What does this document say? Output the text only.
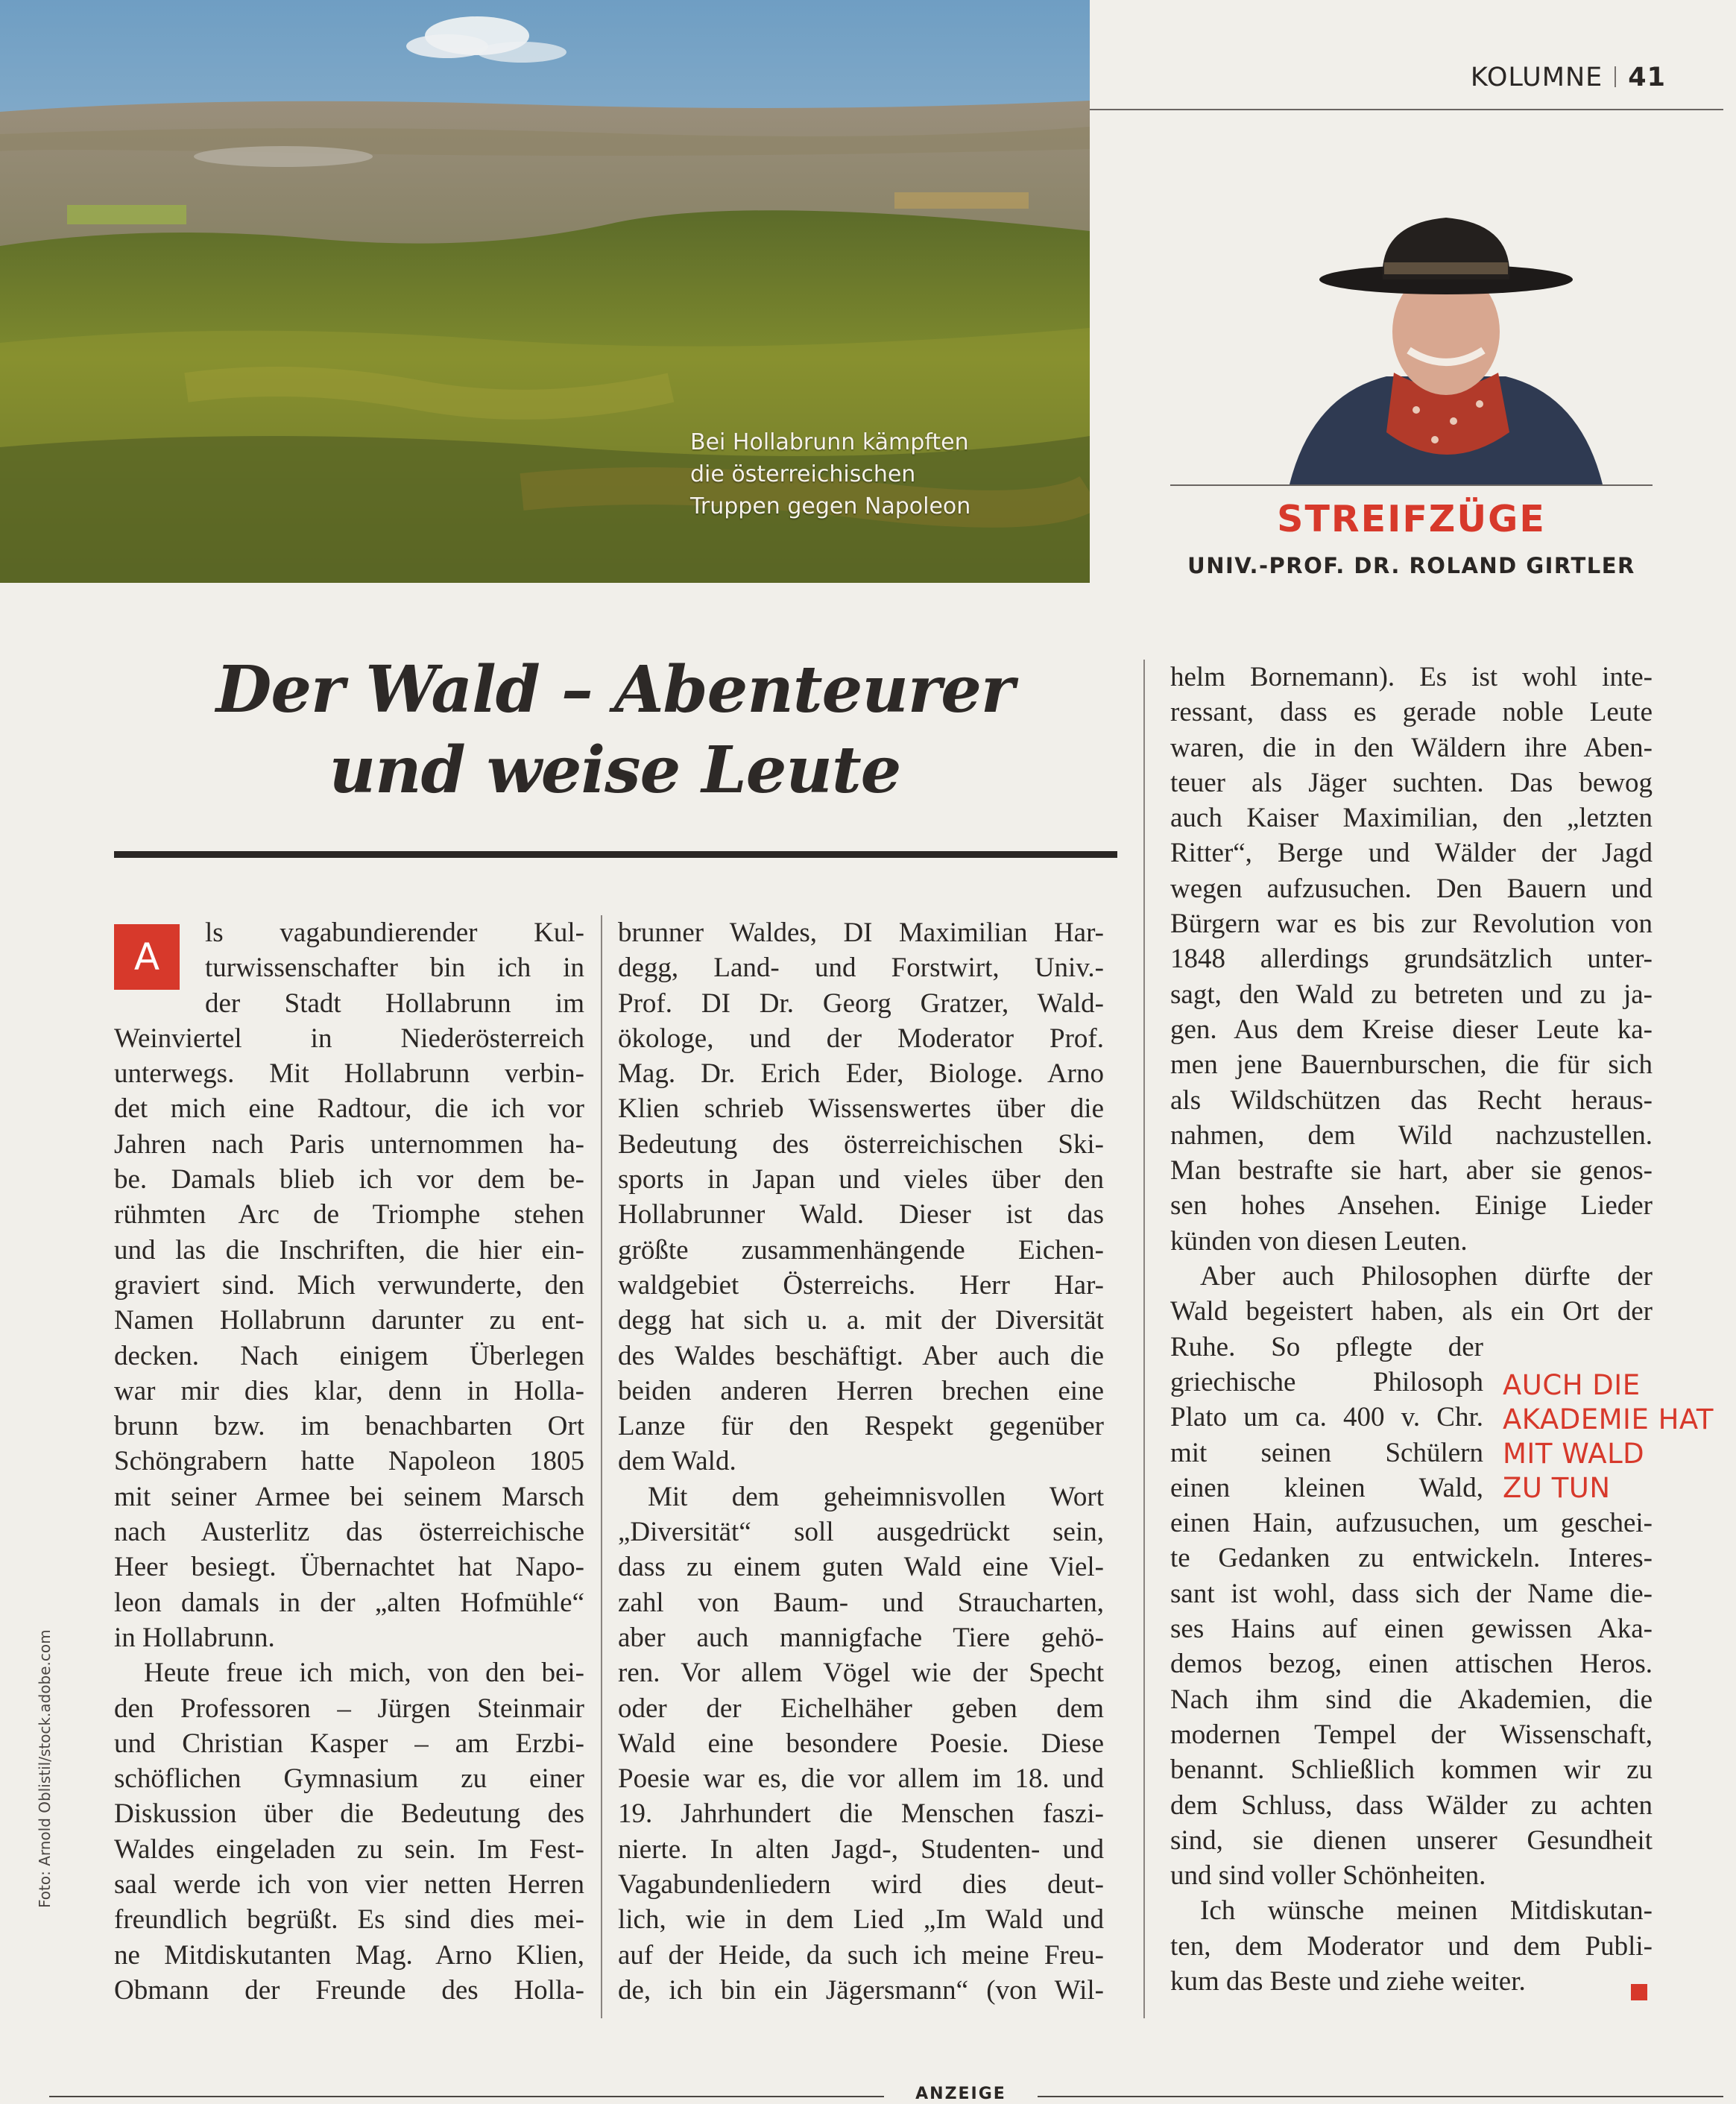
Bei Hollabrunn kämpften
die österreichischen
Truppen gegen Napoleon
KOLUMNE 41
STREIFZÜGE
UNIV.-PROF. DR. ROLAND GIRTLER
Der Wald – Abenteurer
und weise Leute
A
ls vagabundierender Kul-
turwissenschafter bin ich in
der Stadt Hollabrunn im
Weinviertel in Niederösterreich
unterwegs. Mit Hollabrunn verbin-
det mich eine Radtour, die ich vor
Jahren nach Paris unternommen ha-
be. Damals blieb ich vor dem be-
rühmten Arc de Triomphe stehen
und las die Inschriften, die hier ein-
graviert sind. Mich verwunderte, den
Namen Hollabrunn darunter zu ent-
decken. Nach einigem Überlegen
war mir dies klar, denn in Holla-
brunn bzw. im benachbarten Ort
Schöngrabern hatte Napoleon 1805
mit seiner Armee bei seinem Marsch
nach Austerlitz das österreichische
Heer besiegt. Übernachtet hat Napo-
leon damals in der „alten Hofmühle“
in Hollabrunn.
Heute freue ich mich, von den bei-
den Professoren – Jürgen Steinmair
und Christian Kasper – am Erzbi-
schöflichen Gymnasium zu einer
Diskussion über die Bedeutung des
Waldes eingeladen zu sein. Im Fest-
saal werde ich von vier netten Herren
freundlich begrüßt. Es sind dies mei-
ne Mitdiskutanten Mag. Arno Klien,
Obmann der Freunde des Holla-
brunner Waldes, DI Maximilian Har-
degg, Land- und Forstwirt, Univ.-
Prof. DI Dr. Georg Gratzer, Wald-
ökologe, und der Moderator Prof.
Mag. Dr. Erich Eder, Biologe. Arno
Klien schrieb Wissenswertes über die
Bedeutung des österreichischen Ski-
sports in Japan und vieles über den
Hollabrunner Wald. Dieser ist das
größte zusammenhängende Eichen-
waldgebiet Österreichs. Herr Har-
degg hat sich u. a. mit der Diversität
des Waldes beschäftigt. Aber auch die
beiden anderen Herren brechen eine
Lanze für den Respekt gegenüber
dem Wald.
Mit dem geheimnisvollen Wort
„Diversität“ soll ausgedrückt sein,
dass zu einem guten Wald eine Viel-
zahl von Baum- und Straucharten,
aber auch mannigfache Tiere gehö-
ren. Vor allem Vögel wie der Specht
oder der Eichelhäher geben dem
Wald eine besondere Poesie. Diese
Poesie war es, die vor allem im 18. und
19. Jahrhundert die Menschen faszi-
nierte. In alten Jagd-, Studenten- und
Vagabundenliedern wird dies deut-
lich, wie in dem Lied „Im Wald und
auf der Heide, da such ich meine Freu-
de, ich bin ein Jägersmann“ (von Wil-
helm Bornemann). Es ist wohl inte-
ressant, dass es gerade noble Leute
waren, die in den Wäldern ihre Aben-
teuer als Jäger suchten. Das bewog
auch Kaiser Maximilian, den „letzten
Ritter“, Berge und Wälder der Jagd
wegen aufzusuchen. Den Bauern und
Bürgern war es bis zur Revolution von
1848 allerdings grundsätzlich unter-
sagt, den Wald zu betreten und zu ja-
gen. Aus dem Kreise dieser Leute ka-
men jene Bauernburschen, die für sich
als Wildschützen das Recht heraus-
nahmen, dem Wild nachzustellen.
Man bestrafte sie hart, aber sie genos-
sen hohes Ansehen. Einige Lieder
künden von diesen Leuten.
Aber auch Philosophen dürfte der
Wald begeistert haben, als ein Ort der
Ruhe. So pflegte der
griechische Philosoph
Plato um ca. 400 v. Chr.
mit seinen Schülern
einen kleinen Wald,
einen Hain, aufzusuchen, um geschei-
te Gedanken zu entwickeln. Interes-
sant ist wohl, dass sich der Name die-
ses Hains auf einen gewissen Aka-
demos bezog, einen attischen Heros.
Nach ihm sind die Akademien, die
modernen Tempel der Wissenschaft,
benannt. Schließlich kommen wir zu
dem Schluss, dass Wälder zu achten
sind, sie dienen unserer Gesundheit
und sind voller Schönheiten.
Ich wünsche meinen Mitdiskutan-
ten, dem Moderator und dem Publi-
kum das Beste und ziehe weiter.
AUCH DIE
AKADEMIE HAT
MIT WALD
ZU TUN
Foto: Arnold Oblistil/stock.adobe.com
ANZEIGE
